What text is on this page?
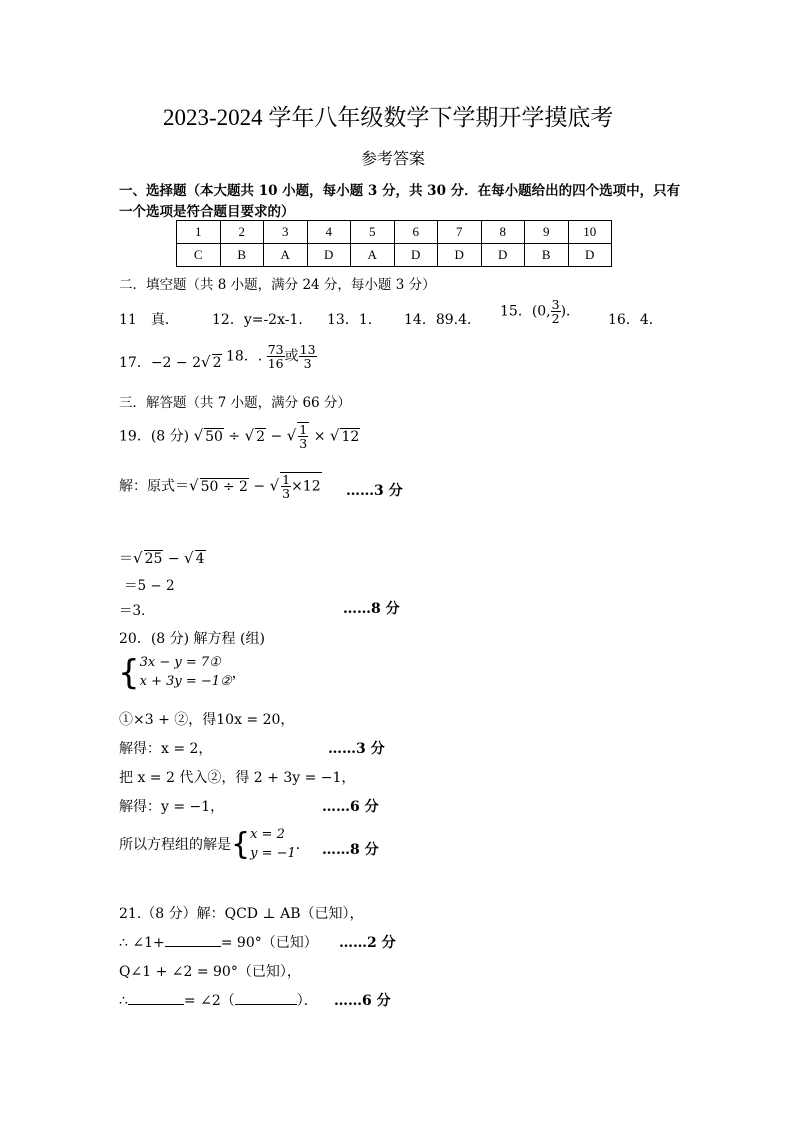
2023-2024 学年八年级数学下学期开学摸底考
参考答案
一、选择题（本大题共 10 小题，每小题 3 分，共 30 分．在每小题给出的四个选项中，只有
一个选项是符合题目要求的）
1	2	3	4	5	6	7	8	9	10
C	B	A	D	A	D	D	D	B	D
二．填空题（共 8 小题，满分 24 分，每小题 3 分）
11　真． 12．y=-2x-1． 13．1． 14．89.4．
15．(0, $\frac{3}{2}$ )．
16．4．
17．−2 − 2√ 2 18．. $\frac{73}{16}$ 或 $\frac{13}{3}$
三．解答题（共 7 小题，满分 66 分）
19．(8 分) √ 50 ÷ √ 2 − √ $\frac{1}{3}$ × √ 12
解：原式＝√ 50 ÷ 2 − √ $\frac{1}{3} \times 12$ ……3 分
＝√ 25 − √ 4
＝5 − 2
＝3．	……8 分
20．(8 分) 解方程 (组)
{ 3x − y = 7①
x + 3y = −1② ，
①×3 + ②，得10x = 20，
解得：x = 2，	……3 分
把 x = 2 代入②，得 2 + 3y = −1，
解得：y = −1，	……6 分
所以方程组的解是{ x = 2
y = −1
． ……8 分
21.（8 分）解：QCD ⊥ AB（已知），
∴ ∠1+	= 90°（已知） ……2 分
Q∠1 + ∠2 = 90°（已知），
∴	= ∠2（	）． ……6 分
